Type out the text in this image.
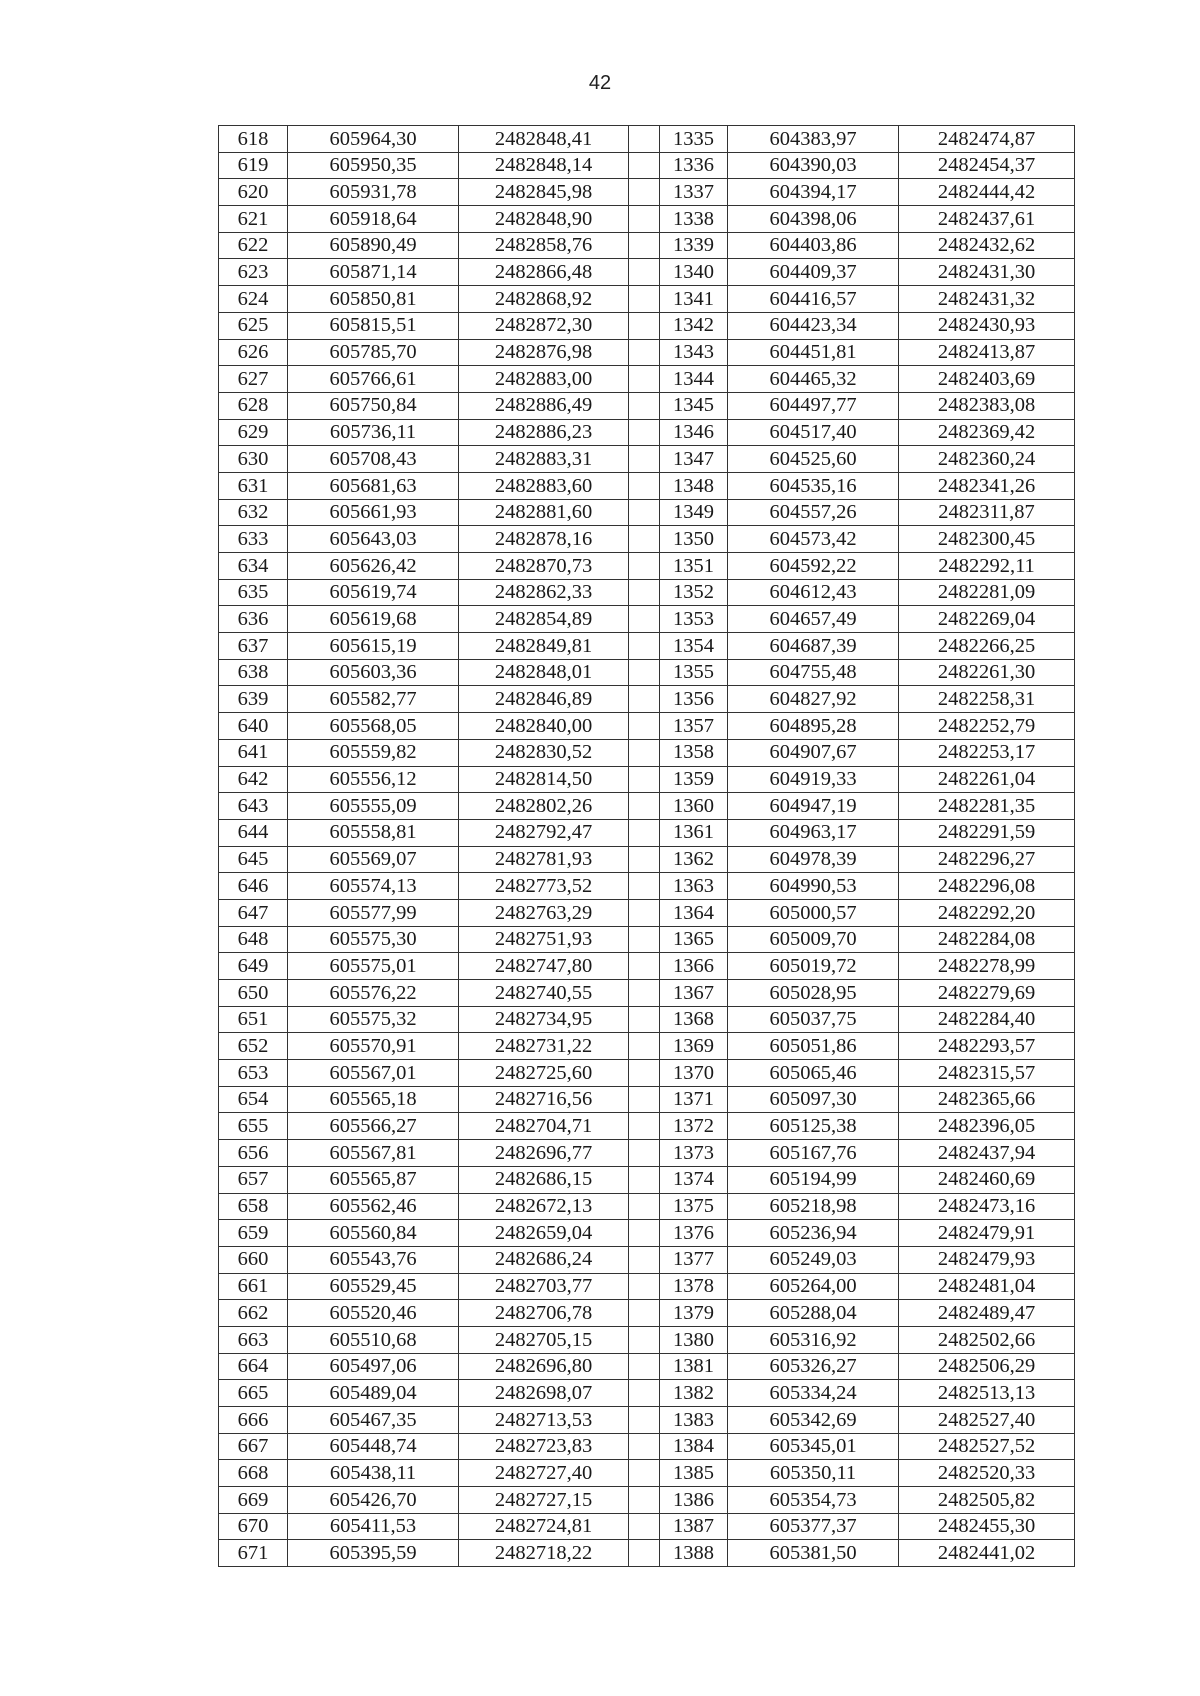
42
618	605964,30	2482848,41		1335	604383,97	2482474,87
619	605950,35	2482848,14		1336	604390,03	2482454,37
620	605931,78	2482845,98		1337	604394,17	2482444,42
621	605918,64	2482848,90		1338	604398,06	2482437,61
622	605890,49	2482858,76		1339	604403,86	2482432,62
623	605871,14	2482866,48		1340	604409,37	2482431,30
624	605850,81	2482868,92		1341	604416,57	2482431,32
625	605815,51	2482872,30		1342	604423,34	2482430,93
626	605785,70	2482876,98		1343	604451,81	2482413,87
627	605766,61	2482883,00		1344	604465,32	2482403,69
628	605750,84	2482886,49		1345	604497,77	2482383,08
629	605736,11	2482886,23		1346	604517,40	2482369,42
630	605708,43	2482883,31		1347	604525,60	2482360,24
631	605681,63	2482883,60		1348	604535,16	2482341,26
632	605661,93	2482881,60		1349	604557,26	2482311,87
633	605643,03	2482878,16		1350	604573,42	2482300,45
634	605626,42	2482870,73		1351	604592,22	2482292,11
635	605619,74	2482862,33		1352	604612,43	2482281,09
636	605619,68	2482854,89		1353	604657,49	2482269,04
637	605615,19	2482849,81		1354	604687,39	2482266,25
638	605603,36	2482848,01		1355	604755,48	2482261,30
639	605582,77	2482846,89		1356	604827,92	2482258,31
640	605568,05	2482840,00		1357	604895,28	2482252,79
641	605559,82	2482830,52		1358	604907,67	2482253,17
642	605556,12	2482814,50		1359	604919,33	2482261,04
643	605555,09	2482802,26		1360	604947,19	2482281,35
644	605558,81	2482792,47		1361	604963,17	2482291,59
645	605569,07	2482781,93		1362	604978,39	2482296,27
646	605574,13	2482773,52		1363	604990,53	2482296,08
647	605577,99	2482763,29		1364	605000,57	2482292,20
648	605575,30	2482751,93		1365	605009,70	2482284,08
649	605575,01	2482747,80		1366	605019,72	2482278,99
650	605576,22	2482740,55		1367	605028,95	2482279,69
651	605575,32	2482734,95		1368	605037,75	2482284,40
652	605570,91	2482731,22		1369	605051,86	2482293,57
653	605567,01	2482725,60		1370	605065,46	2482315,57
654	605565,18	2482716,56		1371	605097,30	2482365,66
655	605566,27	2482704,71		1372	605125,38	2482396,05
656	605567,81	2482696,77		1373	605167,76	2482437,94
657	605565,87	2482686,15		1374	605194,99	2482460,69
658	605562,46	2482672,13		1375	605218,98	2482473,16
659	605560,84	2482659,04		1376	605236,94	2482479,91
660	605543,76	2482686,24		1377	605249,03	2482479,93
661	605529,45	2482703,77		1378	605264,00	2482481,04
662	605520,46	2482706,78		1379	605288,04	2482489,47
663	605510,68	2482705,15		1380	605316,92	2482502,66
664	605497,06	2482696,80		1381	605326,27	2482506,29
665	605489,04	2482698,07		1382	605334,24	2482513,13
666	605467,35	2482713,53		1383	605342,69	2482527,40
667	605448,74	2482723,83		1384	605345,01	2482527,52
668	605438,11	2482727,40		1385	605350,11	2482520,33
669	605426,70	2482727,15		1386	605354,73	2482505,82
670	605411,53	2482724,81		1387	605377,37	2482455,30
671	605395,59	2482718,22		1388	605381,50	2482441,02
